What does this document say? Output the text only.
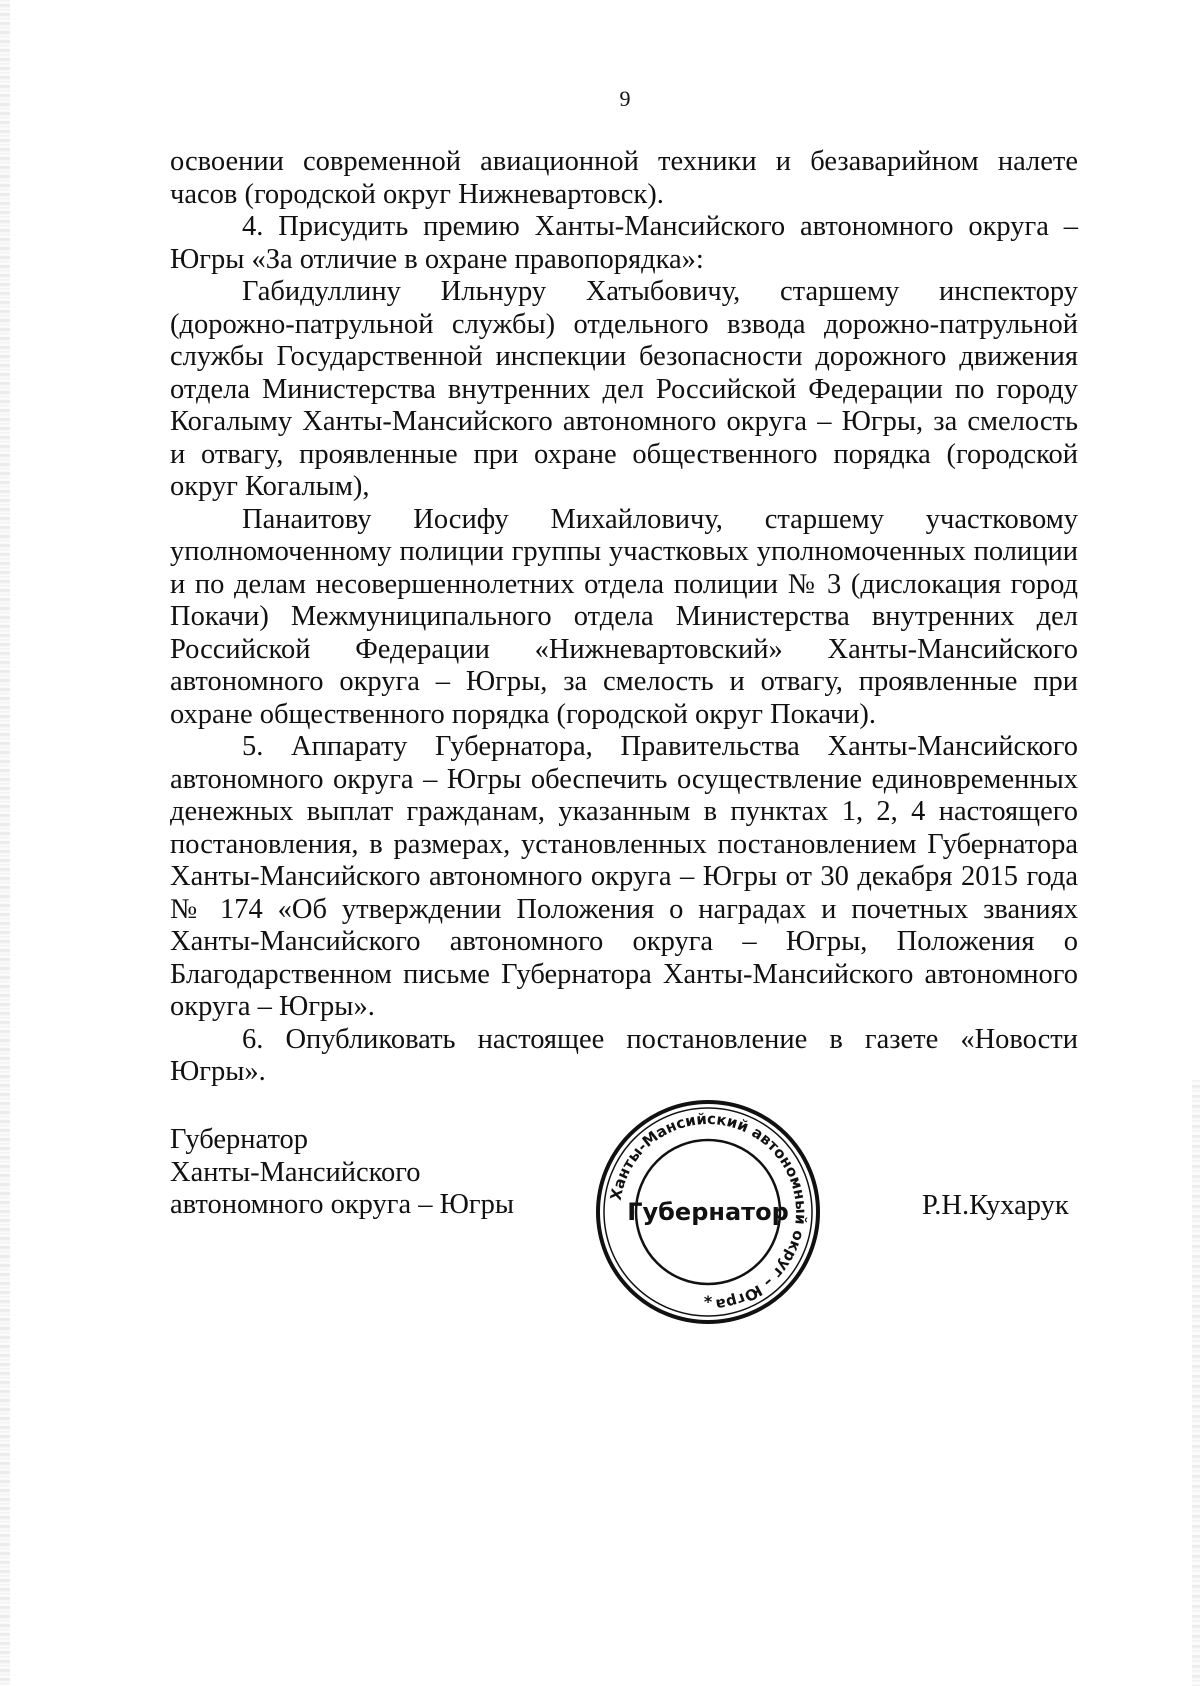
9

освоении современной авиационной техники и безаварийном налете часов (городской округ Нижневартовск).

4. Присудить премию Ханты-Мансийского автономного округа – Югры «За отличие в охране правопорядка»:

Габидуллину Ильнуру Хатыбовичу, старшему инспектору (дорожно-патрульной службы) отдельного взвода дорожно-патрульной службы Государственной инспекции безопасности дорожного движения отдела Министерства внутренних дел Российской Федерации по городу Когалыму Ханты-Мансийского автономного округа – Югры, за смелость и отвагу, проявленные при охране общественного порядка (городской округ Когалым),

Панаитову Иосифу Михайловичу, старшему участковому уполномоченному полиции группы участковых уполномоченных полиции и по делам несовершеннолетних отдела полиции № 3 (дислокация город Покачи) Межмуниципального отдела Министерства внутренних дел Российской Федерации «Нижневартовский» Ханты-Мансийского автономного округа – Югры, за смелость и отвагу, проявленные при охране общественного порядка (городской округ Покачи).

5. Аппарату Губернатора, Правительства Ханты-Мансийского автономного округа – Югры обеспечить осуществление единовременных денежных выплат гражданам, указанным в пунктах 1, 2, 4 настоящего постановления, в размерах, установленных постановлением Губернатора Ханты-Мансийского автономного округа – Югры от 30 декабря 2015 года № 174 «Об утверждении Положения о наградах и почетных званиях Ханты-Мансийского автономного округа – Югры, Положения о Благодарственном письме Губернатора Ханты-Мансийского автономного округа – Югры».

6. Опубликовать настоящее постановление в газете «Новости Югры».

Губернатор
Ханты-Мансийского
автономного округа – Югры	Ханты-Мансийский автономный округ – Югра
Губернатор
*
Р.Н.Кухарук
